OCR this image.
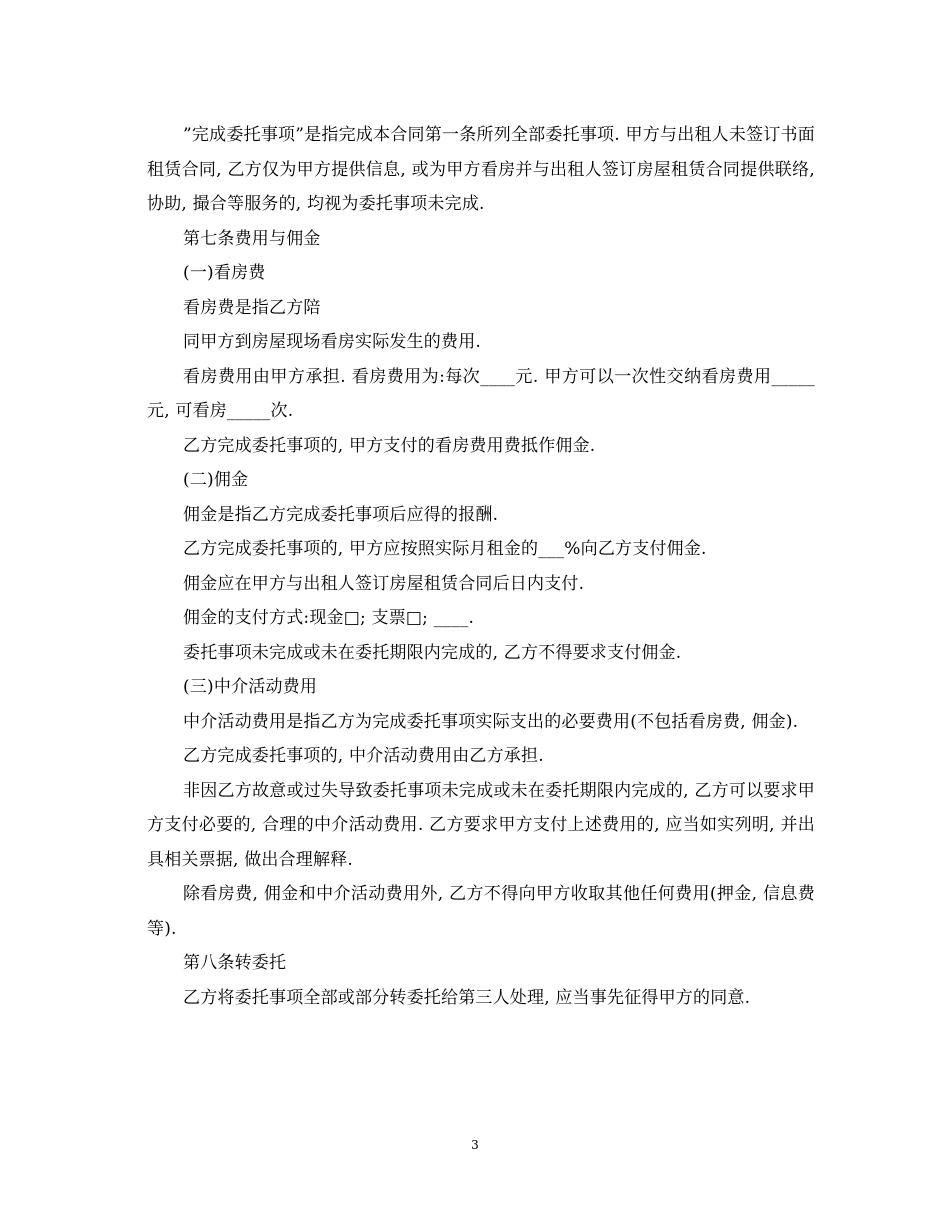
”完成委托事项”是指完成本合同第一条所列全部委托事项. 甲方与出租人未签订书面租赁合同, 乙方仅为甲方提供信息, 或为甲方看房并与出租人签订房屋租赁合同提供联络, 协助, 撮合等服务的, 均视为委托事项未完成.

第七条费用与佣金

(一)看房费

看房费是指乙方陪

同甲方到房屋现场看房实际发生的费用.

看房费用由甲方承担. 看房费用为:每次____元. 甲方可以一次性交纳看房费用_____元, 可看房_____次.

乙方完成委托事项的, 甲方支付的看房费用费抵作佣金.

(二)佣金

佣金是指乙方完成委托事项后应得的报酬.

乙方完成委托事项的, 甲方应按照实际月租金的___%向乙方支付佣金.

佣金应在甲方与出租人签订房屋租赁合同后日内支付.

佣金的支付方式:现金□; 支票□; ____.

委托事项未完成或未在委托期限内完成的, 乙方不得要求支付佣金.

(三)中介活动费用

中介活动费用是指乙方为完成委托事项实际支出的必要费用(不包括看房费, 佣金).

乙方完成委托事项的, 中介活动费用由乙方承担.

非因乙方故意或过失导致委托事项未完成或未在委托期限内完成的, 乙方可以要求甲方支付必要的, 合理的中介活动费用. 乙方要求甲方支付上述费用的, 应当如实列明, 并出具相关票据, 做出合理解释.

除看房费, 佣金和中介活动费用外, 乙方不得向甲方收取其他任何费用(押金, 信息费等).

第八条转委托

乙方将委托事项全部或部分转委托给第三人处理, 应当事先征得甲方的同意.

3
